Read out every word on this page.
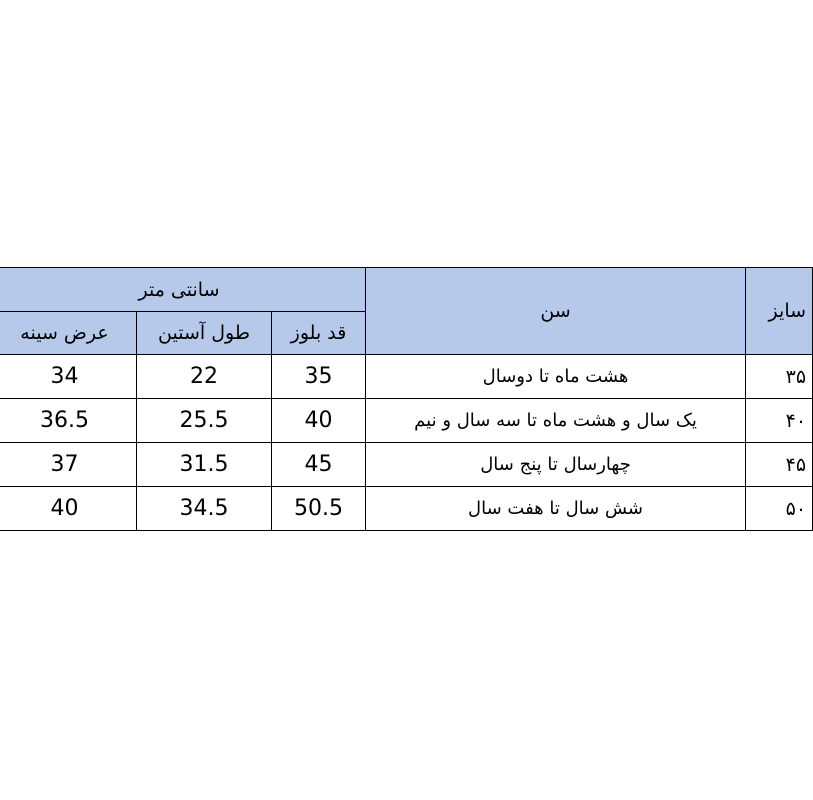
سانتی متر			سن	سایز
عرض سینه	طول آستین	قد بلوز		
34	22	35	هشت ماه تا دوسال	۳۵
36.5	25.5	40	یک سال و هشت ماه تا سه سال و نیم	۴۰
37	31.5	45	چهارسال تا پنج سال	۴۵
40	34.5	50.5	شش سال تا هفت سال	۵۰
